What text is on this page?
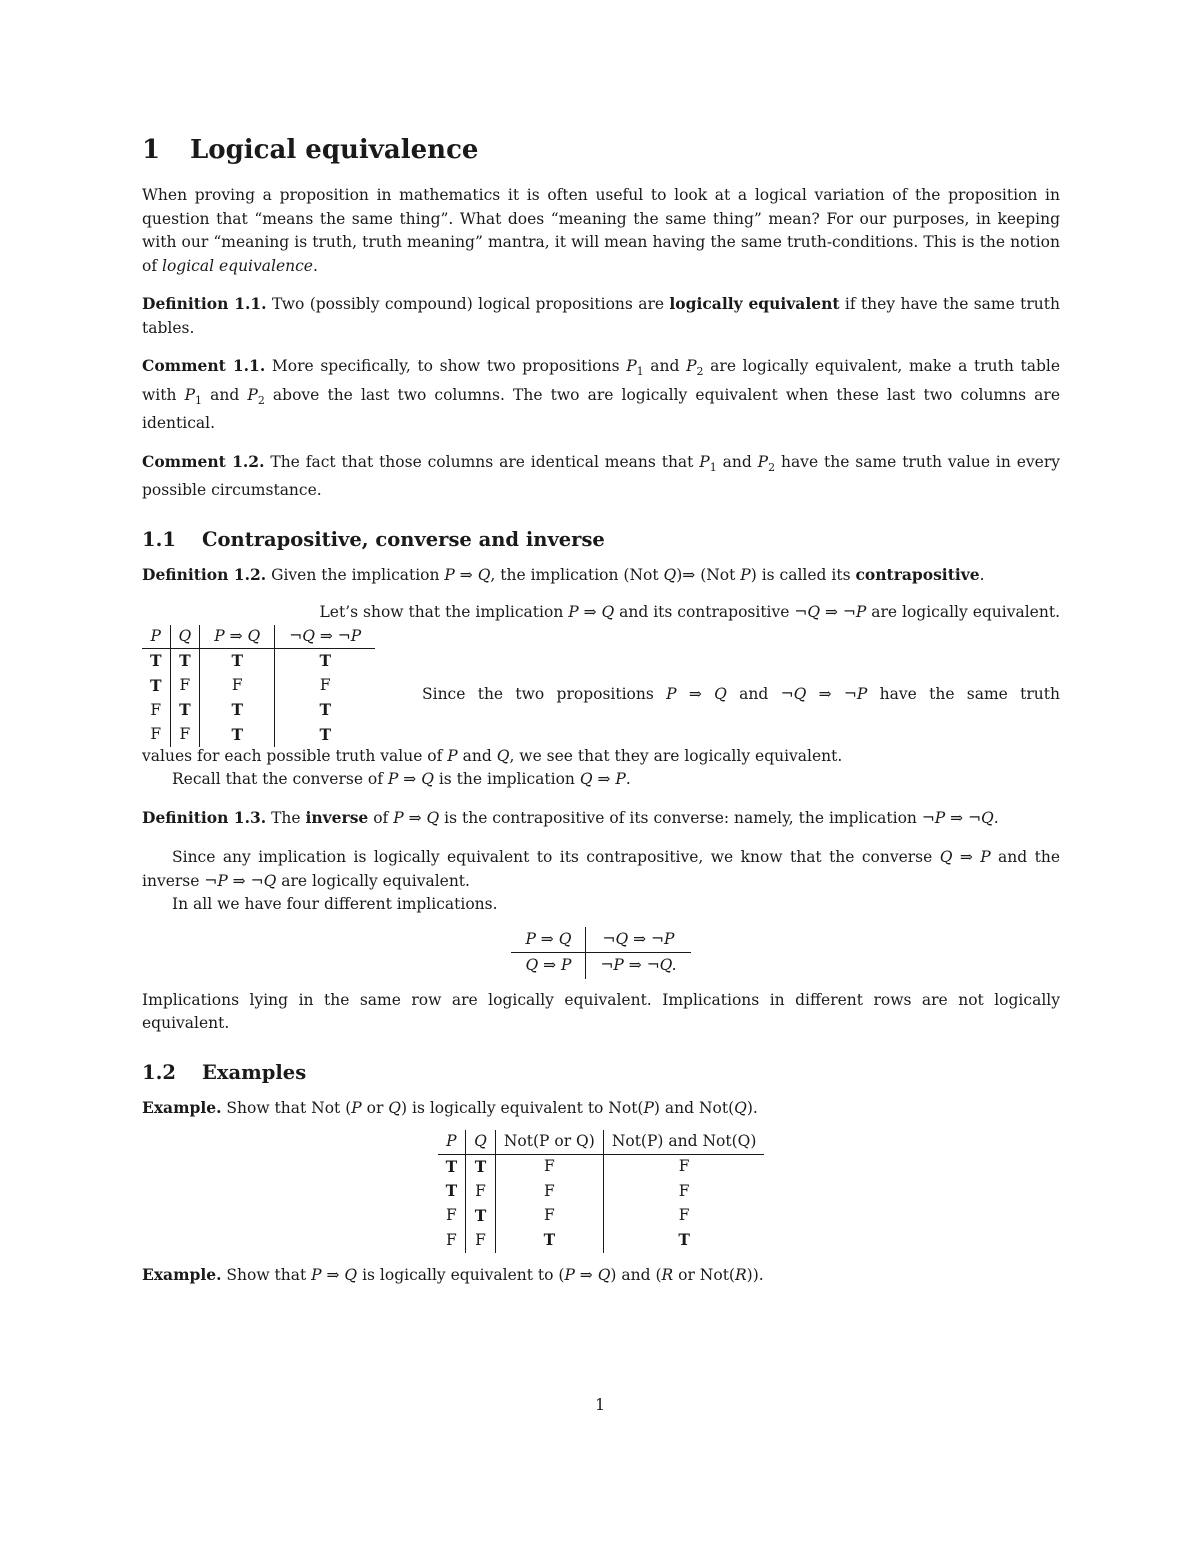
1 Logical equivalence

When proving a proposition in mathematics it is often useful to look at a logical variation of the proposition in question that “means the same thing”. What does “meaning the same thing” mean? For our purposes, in keeping with our “meaning is truth, truth meaning” mantra, it will mean having the same truth-conditions. This is the notion of logical equivalence.

Definition 1.1. Two (possibly compound) logical propositions are logically equivalent if they have the same truth tables.

Comment 1.1. More specifically, to show two propositions $P_1$ and $P_2$ are logically equivalent, make a truth table with $P_1$ and $P_2$ above the last two columns. The two are logically equivalent when these last two columns are identical.

Comment 1.2. The fact that those columns are identical means that $P_1$ and $P_2$ have the same truth value in every possible circumstance.

1.1 Contrapositive, converse and inverse

Definition 1.2. Given the implication P ⇒ Q, the implication (Not Q)⇒ (Not P) is called its contrapositive.

Let’s show that the implication P ⇒ Q and its contrapositive ¬Q ⇒ ¬P are logically equivalent.

P	Q	P ⇒ Q	¬Q ⇒ ¬P
T	T	T	T
T	F	F	F
F	T	T	T
F	F	T	T

Since the two propositions P ⇒ Q and ¬Q ⇒ ¬P have the same truth

values for each possible truth value of P and Q, we see that they are logically equivalent.

Recall that the converse of P ⇒ Q is the implication Q ⇒ P.

Definition 1.3. The inverse of P ⇒ Q is the contrapositive of its converse: namely, the implication ¬P ⇒ ¬Q.

Since any implication is logically equivalent to its contrapositive, we know that the converse Q ⇒ P and the inverse ¬P ⇒ ¬Q are logically equivalent.

In all we have four different implications.

P ⇒ Q	¬Q ⇒ ¬P
Q ⇒ P	¬P ⇒ ¬Q.

Implications lying in the same row are logically equivalent. Implications in different rows are not logically equivalent.

1.2 Examples

Example. Show that Not (P or Q) is logically equivalent to Not(P) and Not(Q).

P	Q	Not(P or Q)	Not(P) and Not(Q)
T	T	F	F
T	F	F	F
F	T	F	F
F	F	T	T

Example. Show that P ⇒ Q is logically equivalent to (P ⇒ Q) and (R or Not(R)).

1
